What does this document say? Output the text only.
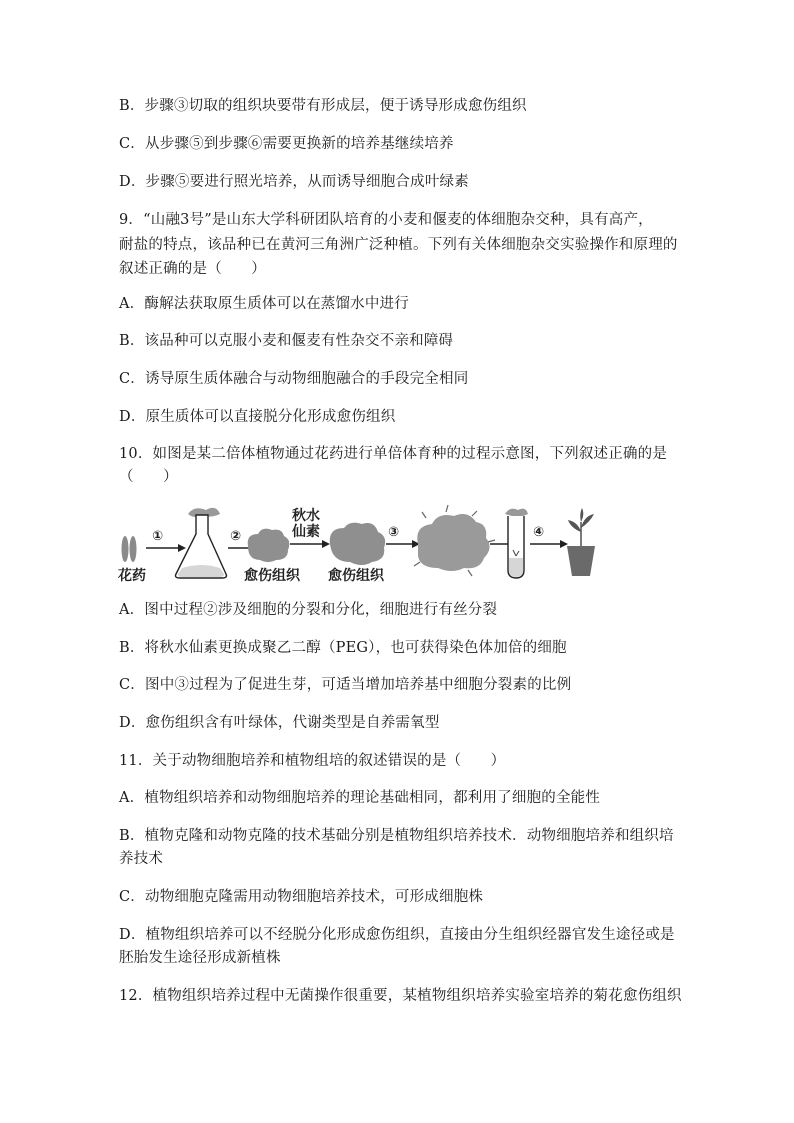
B．步骤③切取的组织块要带有形成层，便于诱导形成愈伤组织
C．从步骤⑤到步骤⑥需要更换新的培养基继续培养
D．步骤⑤要进行照光培养，从而诱导细胞合成叶绿素
9．“山融3号”是山东大学科研团队培育的小麦和偃麦的体细胞杂交种，具有高产，
耐盐的特点，该品种已在黄河三角洲广泛种植。下列有关体细胞杂交实验操作和原理的
叙述正确的是（　　）
A．酶解法获取原生质体可以在蒸馏水中进行
B．该品种可以克服小麦和偃麦有性杂交不亲和障碍
C．诱导原生质体融合与动物细胞融合的手段完全相同
D．原生质体可以直接脱分化形成愈伤组织
10．如图是某二倍体植物通过花药进行单倍体育种的过程示意图，下列叙述正确的是
（　　）
花药
①	②
愈伤组织
秋水
仙素
愈伤组织
③	④
A．图中过程②涉及细胞的分裂和分化，细胞进行有丝分裂
B．将秋水仙素更换成聚乙二醇（PEG），也可获得染色体加倍的细胞
C．图中③过程为了促进生芽，可适当增加培养基中细胞分裂素的比例
D．愈伤组织含有叶绿体，代谢类型是自养需氧型
11．关于动物细胞培养和植物组培的叙述错误的是（　　）
A．植物组织培养和动物细胞培养的理论基础相同，都利用了细胞的全能性
B．植物克隆和动物克隆的技术基础分别是植物组织培养技术．动物细胞培养和组织培
养技术
C．动物细胞克隆需用动物细胞培养技术，可形成细胞株
D．植物组织培养可以不经脱分化形成愈伤组织，直接由分生组织经器官发生途径或是
胚胎发生途径形成新植株
12．植物组织培养过程中无菌操作很重要，某植物组织培养实验室培养的菊花愈伤组织
